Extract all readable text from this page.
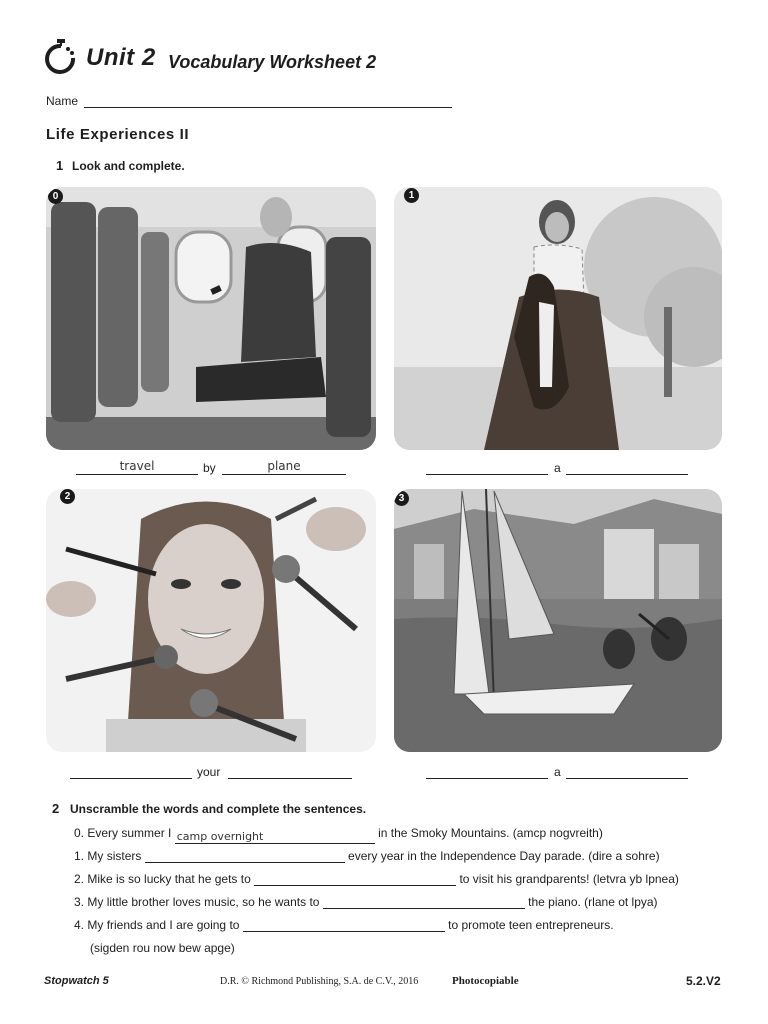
Unit 2 Vocabulary Worksheet 2
Name
Life Experiences II
1 Look and complete.
0	1
2	3
travel	by	plane	a
your	a
2 Unscramble the words and complete the sentences.
0. Every summer I camp overnight	in the Smoky Mountains. (amcp nogvreith)
1. My sisters	every year in the Independence Day parade. (dire a sohre)
2. Mike is so lucky that he gets to	to visit his grandparents! (letvra yb lpnea)
3. My little brother loves music, so he wants to	the piano. (rlane ot lpya)
4. My friends and I are going to	to promote teen entrepreneurs.
(sigden rou now bew apge)
Stopwatch 5	D.R. © Richmond Publishing, S.A. de C.V., 2016	Photocopiable	5.2.V2
